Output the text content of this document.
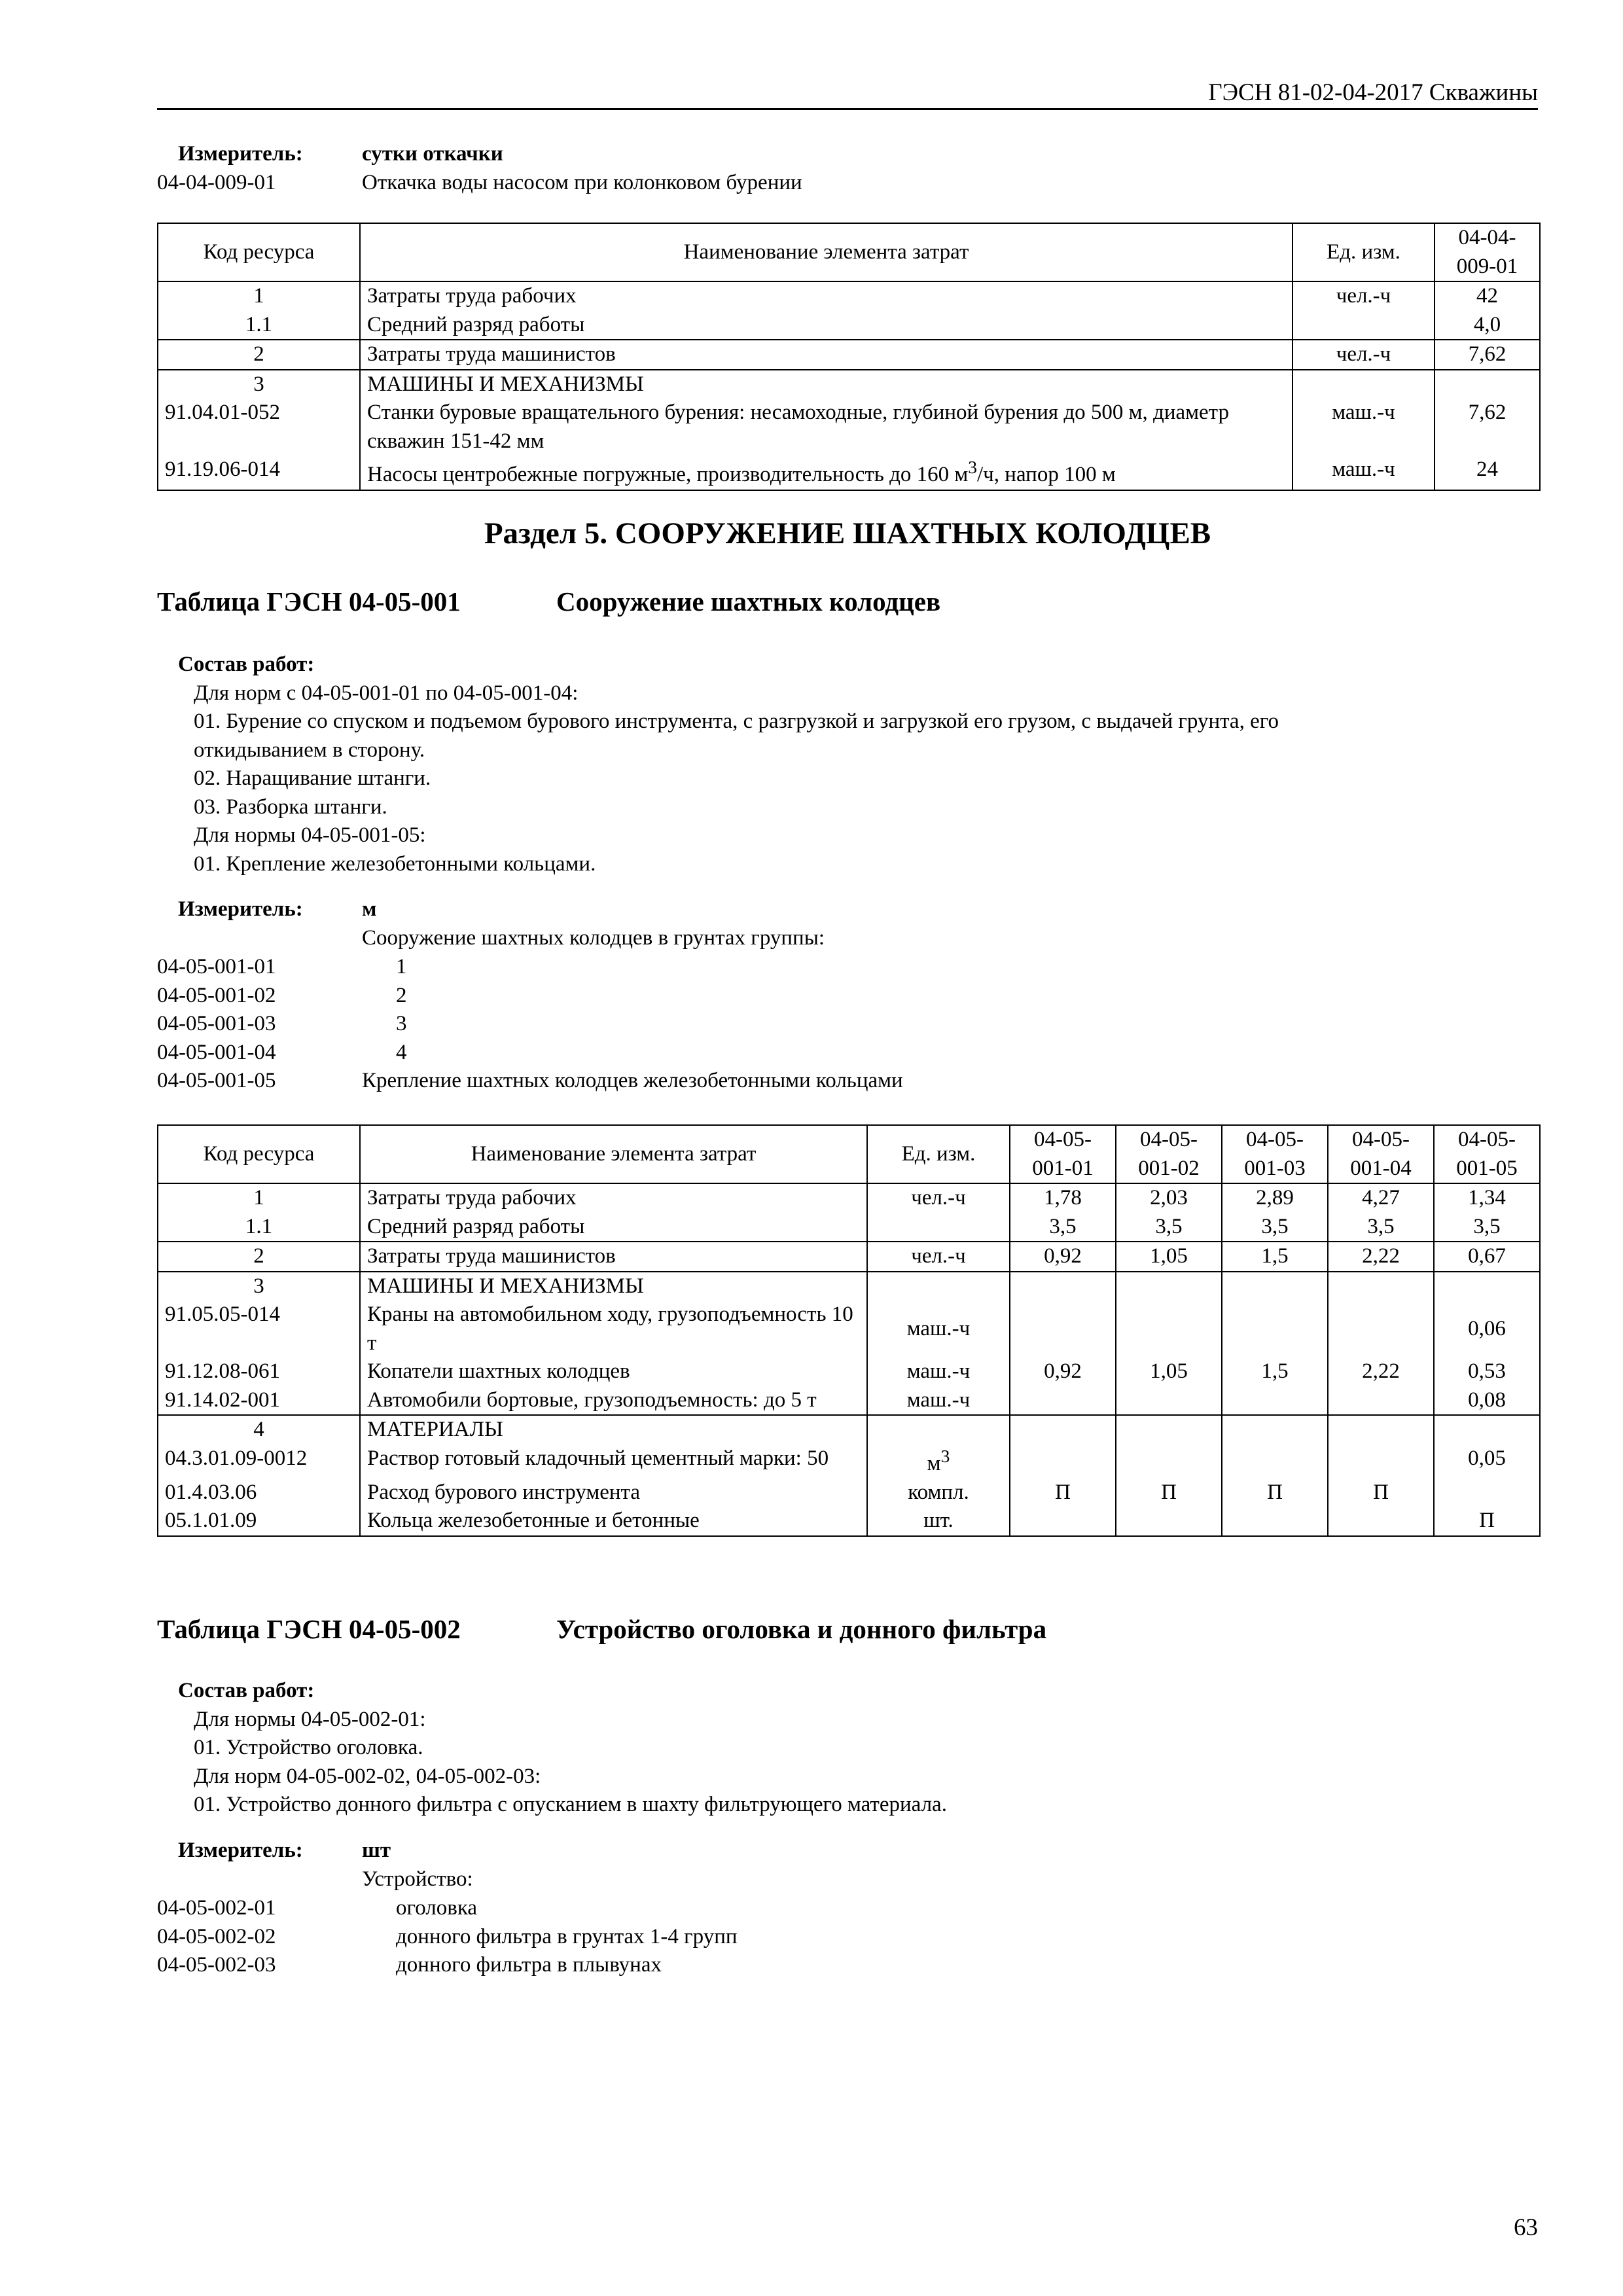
ГЭСН 81-02-04-2017 Скважины
Измеритель:	сутки откачки
04-04-009-01	Откачка воды насосом при колонковом бурении
Код ресурса	Наименование элемента затрат	Ед. изм.	04-04-009-01
1	Затраты труда рабочих	чел.-ч	42
1.1	Средний разряд работы		4,0
2	Затраты труда машинистов	чел.-ч	7,62
3	МАШИНЫ И МЕХАНИЗМЫ		
91.04.01-052	Станки буровые вращательного бурения: несамоходные, глубиной бурения до 500 м, диаметр скважин 151-42 мм	маш.-ч	7,62
91.19.06-014	Насосы центробежные погружные, производительность до 160 $м^3/ч$, напор 100 м	маш.-ч	24
Раздел 5. СООРУЖЕНИЕ ШАХТНЫХ КОЛОДЦЕВ
Таблица ГЭСН 04-05-001	Сооружение шахтных колодцев
Состав работ:
Для норм с 04-05-001-01 по 04-05-001-04:
01. Бурение со спуском и подъемом бурового инструмента, с разгрузкой и загрузкой его грузом, с выдачей грунта, его
откидыванием в сторону.
02. Наращивание штанги.
03. Разборка штанги.
Для нормы 04-05-001-05:
01. Крепление железобетонными кольцами.
Измеритель:	м
Сооружение шахтных колодцев в грунтах группы:
04-05-001-01	1
04-05-001-02	2
04-05-001-03	3
04-05-001-04	4
04-05-001-05	Крепление шахтных колодцев железобетонными кольцами
Код ресурса	Наименование элемента затрат	Ед. изм.	04-05-001-01	04-05-001-02	04-05-001-03	04-05-001-04	04-05-001-05
1	Затраты труда рабочих	чел.-ч	1,78	2,03	2,89	4,27	1,34
1.1	Средний разряд работы		3,5	3,5	3,5	3,5	3,5
2	Затраты труда машинистов	чел.-ч	0,92	1,05	1,5	2,22	0,67
3	МАШИНЫ И МЕХАНИЗМЫ						
91.05.05-014	Краны на автомобильном ходу, грузоподъемность 10 т	маш.-ч					0,06
91.12.08-061	Копатели шахтных колодцев	маш.-ч	0,92	1,05	1,5	2,22	0,53
91.14.02-001	Автомобили бортовые, грузоподъемность: до 5 т	маш.-ч					0,08
4	МАТЕРИАЛЫ						
04.3.01.09-0012	Раствор готовый кладочный цементный марки: 50	$м^3$					0,05
01.4.03.06	Расход бурового инструмента	компл.	П	П	П	П	
05.1.01.09	Кольца железобетонные и бетонные	шт.					П
Таблица ГЭСН 04-05-002	Устройство оголовка и донного фильтра
Состав работ:
Для нормы 04-05-002-01:
01. Устройство оголовка.
Для норм 04-05-002-02, 04-05-002-03:
01. Устройство донного фильтра с опусканием в шахту фильтрующего материала.
Измеритель:	шт
Устройство:
04-05-002-01	оголовка
04-05-002-02	донного фильтра в грунтах 1-4 групп
04-05-002-03	донного фильтра в плывунах
63
